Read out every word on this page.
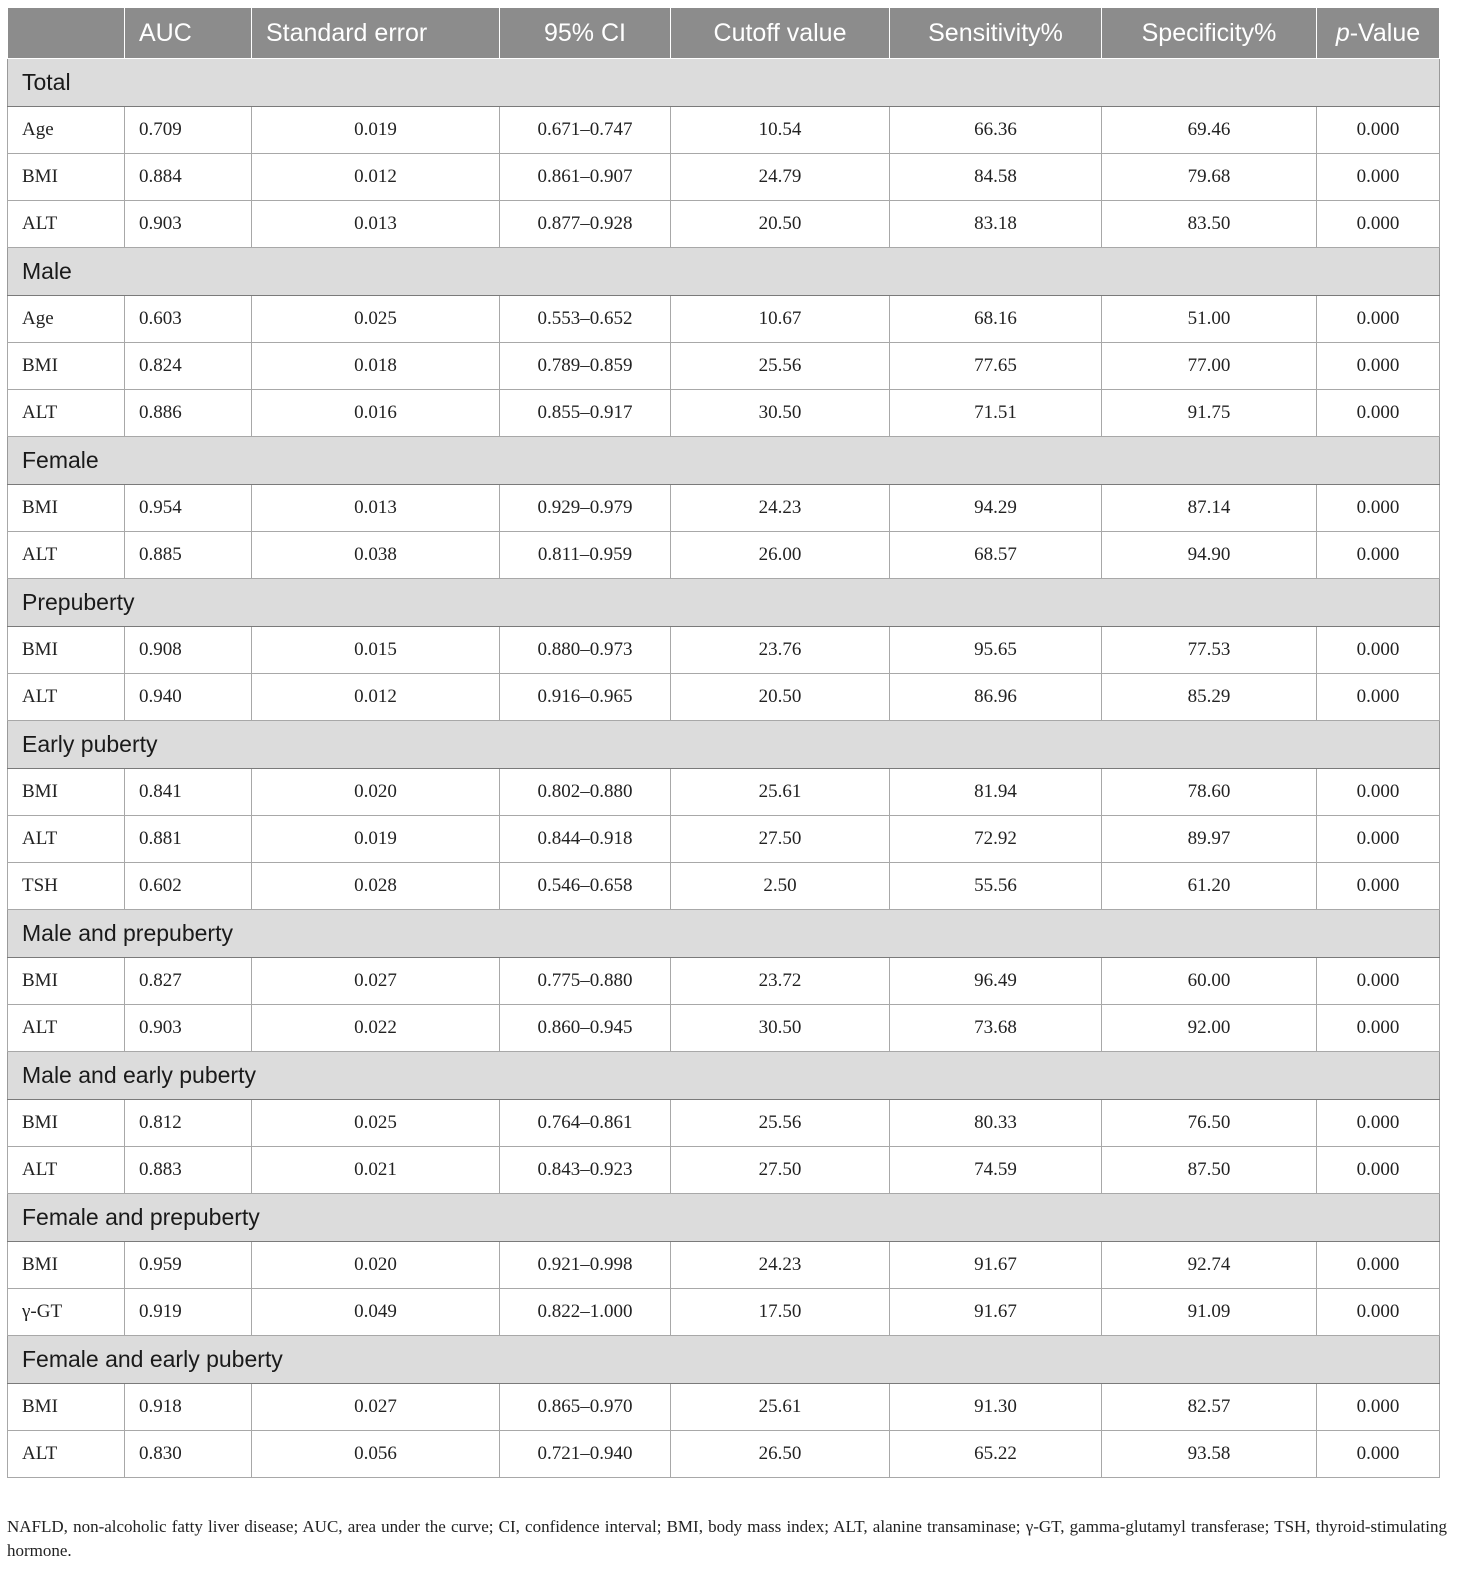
	AUC	Standard error	95% CI	Cutoff value	Sensitivity%	Specificity%	p-Value
Total							
Age	0.709	0.019	0.671–0.747	10.54	66.36	69.46	0.000
BMI	0.884	0.012	0.861–0.907	24.79	84.58	79.68	0.000
ALT	0.903	0.013	0.877–0.928	20.50	83.18	83.50	0.000
Male							
Age	0.603	0.025	0.553–0.652	10.67	68.16	51.00	0.000
BMI	0.824	0.018	0.789–0.859	25.56	77.65	77.00	0.000
ALT	0.886	0.016	0.855–0.917	30.50	71.51	91.75	0.000
Female							
BMI	0.954	0.013	0.929–0.979	24.23	94.29	87.14	0.000
ALT	0.885	0.038	0.811–0.959	26.00	68.57	94.90	0.000
Prepuberty							
BMI	0.908	0.015	0.880–0.973	23.76	95.65	77.53	0.000
ALT	0.940	0.012	0.916–0.965	20.50	86.96	85.29	0.000
Early puberty							
BMI	0.841	0.020	0.802–0.880	25.61	81.94	78.60	0.000
ALT	0.881	0.019	0.844–0.918	27.50	72.92	89.97	0.000
TSH	0.602	0.028	0.546–0.658	2.50	55.56	61.20	0.000
Male and prepuberty							
BMI	0.827	0.027	0.775–0.880	23.72	96.49	60.00	0.000
ALT	0.903	0.022	0.860–0.945	30.50	73.68	92.00	0.000
Male and early puberty							
BMI	0.812	0.025	0.764–0.861	25.56	80.33	76.50	0.000
ALT	0.883	0.021	0.843–0.923	27.50	74.59	87.50	0.000
Female and prepuberty							
BMI	0.959	0.020	0.921–0.998	24.23	91.67	92.74	0.000
γ-GT	0.919	0.049	0.822–1.000	17.50	91.67	91.09	0.000
Female and early puberty							
BMI	0.918	0.027	0.865–0.970	25.61	91.30	82.57	0.000
ALT	0.830	0.056	0.721–0.940	26.50	65.22	93.58	0.000
NAFLD, non-alcoholic fatty liver disease; AUC, area under the curve; CI, confidence interval; BMI, body mass index; ALT, alanine transaminase; γ-GT, gamma-glutamyl transferase; TSH, thyroid-stimulating hormone.
